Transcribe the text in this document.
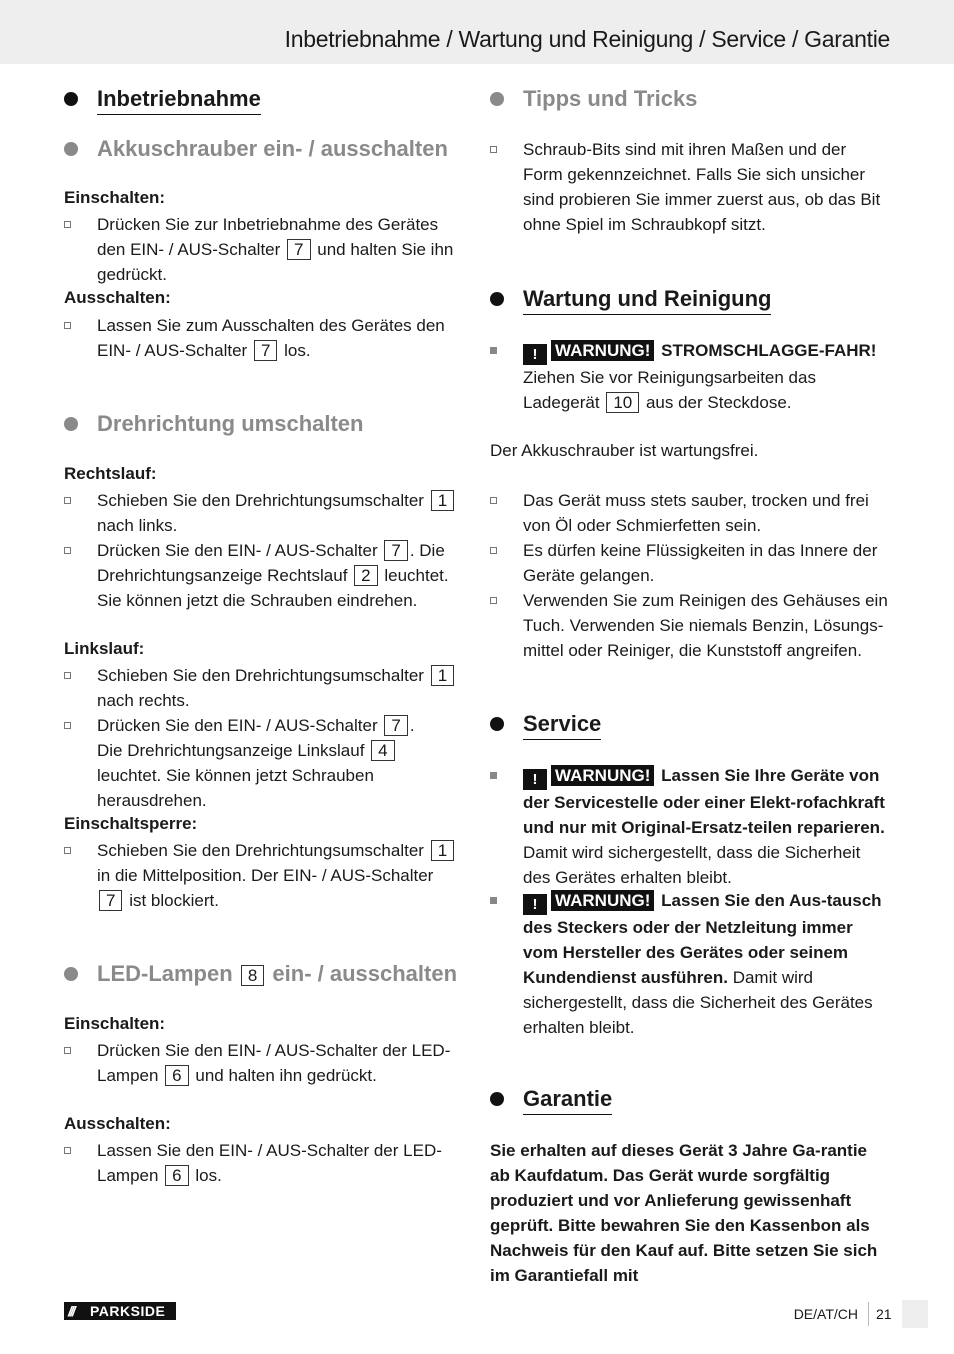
Inbetriebnahme / Wartung und Reinigung / Service / Garantie
Inbetriebnahme
Akkuschrauber ein- / ausschalten
Einschalten:
Drücken Sie zur Inbetriebnahme des Gerätes den EIN- / AUS-Schalter 7 und halten Sie ihn gedrückt.
Ausschalten:
Lassen Sie zum Ausschalten des Gerätes den EIN- / AUS-Schalter 7 los.
Drehrichtung umschalten
Rechtslauf:
Schieben Sie den Drehrichtungsumschalter 1 nach links.
Drücken Sie den EIN- / AUS-Schalter 7 . Die Drehrichtungsanzeige Rechtslauf 2 leuchtet. Sie können jetzt die Schrauben eindrehen.
Linkslauf:
Schieben Sie den Drehrichtungsumschalter 1 nach rechts.
Drücken Sie den EIN- / AUS-Schalter 7 .
Die Drehrichtungsanzeige Linkslauf 4 leuchtet. Sie können jetzt Schrauben herausdrehen.
Einschaltsperre:
Schieben Sie den Drehrichtungsumschalter 1 in die Mittelposition. Der EIN- / AUS-Schalter 7 ist blockiert.
LED-Lampen 8 ein- / ausschalten
Einschalten:
Drücken Sie den EIN- / AUS-Schalter der LED-Lampen 6 und halten ihn gedrückt.
Ausschalten:
Lassen Sie den EIN- / AUS-Schalter der LED-Lampen 6 los.
Tipps und Tricks
Schraub-Bits sind mit ihren Maßen und der Form gekennzeichnet. Falls Sie sich unsicher sind probieren Sie immer zuerst aus, ob das Bit ohne Spiel im Schraubkopf sitzt.
Wartung und Reinigung
! WARNUNG! STROMSCHLAGGE-FAHR! Ziehen Sie vor Reinigungsarbeiten das Ladegerät 10 aus der Steckdose.
Der Akkuschrauber ist wartungsfrei.
Das Gerät muss stets sauber, trocken und frei von Öl oder Schmierfetten sein.
Es dürfen keine Flüssigkeiten in das Innere der Geräte gelangen.
Verwenden Sie zum Reinigen des Gehäuses ein Tuch. Verwenden Sie niemals Benzin, Lösungs-mittel oder Reiniger, die Kunststoff angreifen.
Service
! WARNUNG! Lassen Sie Ihre Geräte von der Servicestelle oder einer Elekt-rofachkraft und nur mit Original-Ersatz-teilen reparieren. Damit wird sichergestellt, dass die Sicherheit des Gerätes erhalten bleibt.
! WARNUNG! Lassen Sie den Aus-tausch des Steckers oder der Netzleitung immer vom Hersteller des Gerätes oder seinem Kundendienst ausführen. Damit wird sichergestellt, dass die Sicherheit des Gerätes erhalten bleibt.
Garantie
Sie erhalten auf dieses Gerät 3 Jahre Ga-rantie ab Kaufdatum. Das Gerät wurde sorgfältig produziert und vor Anlieferung gewissenhaft geprüft. Bitte bewahren Sie den Kassenbon als Nachweis für den Kauf auf. Bitte setzen Sie sich im Garantiefall mit
/// PARKSIDE	DE/AT/CH 21
